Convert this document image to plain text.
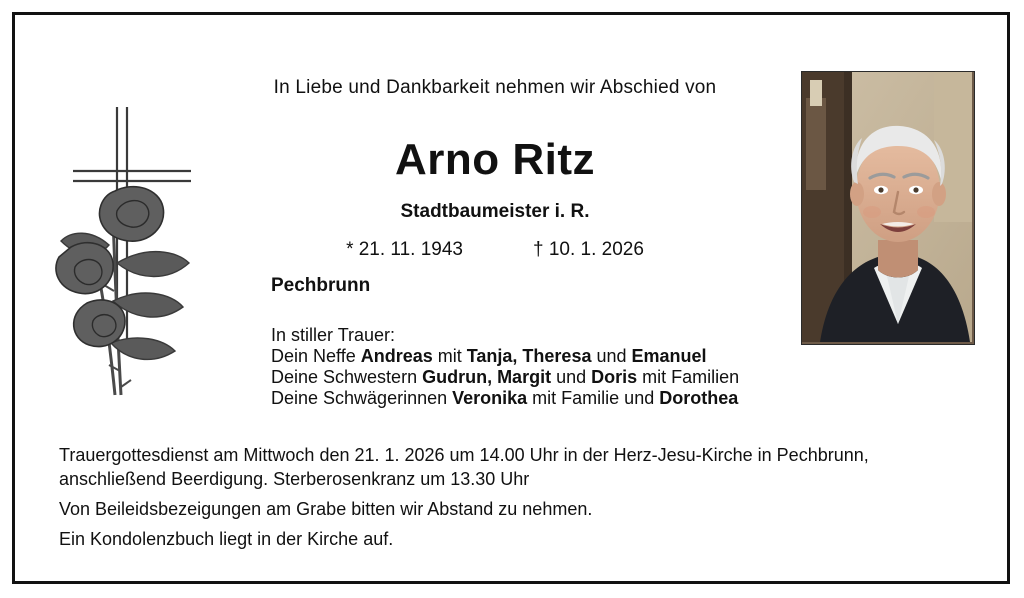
In Liebe und Dankbarkeit nehmen wir Abschied von
Arno Ritz
Stadtbaumeister i. R.
* 21. 11. 1943	† 10. 1. 2026
Pechbrunn
In stiller Trauer:
Dein Neffe Andreas mit Tanja, Theresa und Emanuel
Deine Schwestern Gudrun, Margit und Doris mit Familien
Deine Schwägerinnen Veronika mit Familie und Dorothea

Trauergottesdienst am Mittwoch den 21. 1. 2026 um 14.00 Uhr in der Herz-Jesu-Kirche in Pechbrunn,

anschließend Beerdigung. Sterberosenkranz um 13.30 Uhr

Von Beileidsbezeigungen am Grabe bitten wir Abstand zu nehmen.

Ein Kondolenzbuch liegt in der Kirche auf.
